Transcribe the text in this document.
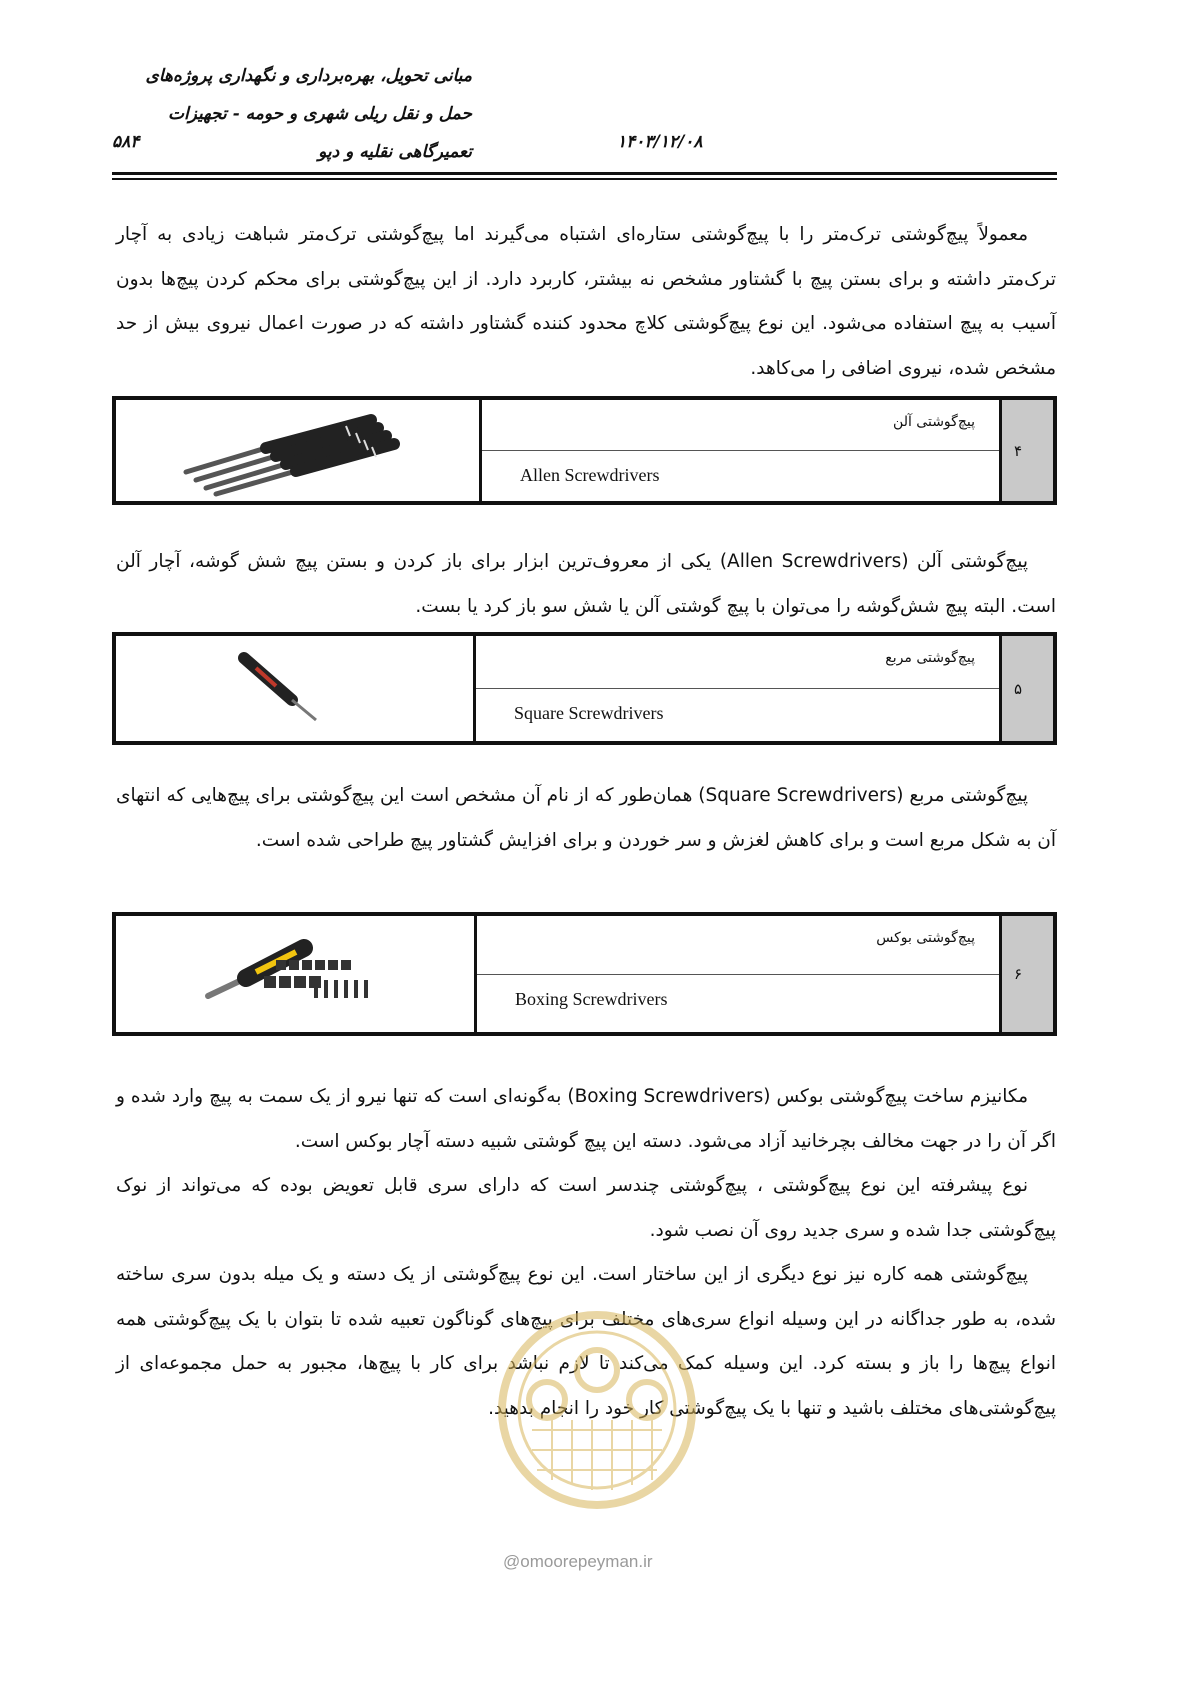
مبانی تحویل، بهره‌برداری و نگهداری پروژه‌های
حمل و نقل ریلی شهری و حومه - تجهیزات
تعمیرگاهی نقلیه و دپو	۱۴۰۳/۱۲/۰۸
۵۸۴

معمولاً پیچ‌گوشتی ترک‌متر را با پیچ‌گوشتی ستاره‌ای اشتباه می‌گیرند اما پیچ‌گوشتی ترک‌متر شباهت زیادی به آچار ترک‌متر داشته و برای بستن پیچ با گشتاور مشخص نه بیشتر، کاربرد دارد. از این پیچ‌گوشتی برای محکم کردن پیچ‌ها بدون آسیب به پیچ استفاده می‌شود. این نوع پیچ‌گوشتی کلاچ محدود کننده گشتاور داشته که در صورت اعمال نیروی بیش از حد مشخص شده، نیروی اضافی را می‌کاهد.

پیچ‌گوشتی آلن
Allen Screwdrivers
۴

پیچ‌گوشتی آلن (Allen Screwdrivers) یکی از معروف‌ترین ابزار برای باز کردن و بستن پیچ شش گوشه، آچار آلن است. البته پیچ شش‌گوشه را می‌توان با پیچ گوشتی آلن یا شش سو باز کرد یا بست.

پیچ‌گوشتی مربع
Square Screwdrivers
۵

پیچ‌گوشتی مربع (Square Screwdrivers) همان‌طور که از نام آن مشخص است این پیچ‌گوشتی برای پیچ‌هایی که انتهای آن به شکل مربع است و برای کاهش لغزش و سر خوردن و برای افزایش گشتاور پیچ طراحی شده است.

پیچ‌گوشتی بوکس
Boxing Screwdrivers
۶

مکانیزم ساخت پیچ‌گوشتی بوکس (Boxing Screwdrivers) به‌گونه‌ای است که تنها نیرو از یک سمت به پیچ وارد شده و اگر آن را در جهت مخالف بچرخانید آزاد می‌شود. دسته این پیچ گوشتی شبیه دسته آچار بوکس است.

نوع پیشرفته این نوع پیچ‌گوشتی ، پیچ‌گوشتی چندسر است که دارای سری قابل تعویض بوده که می‌تواند از نوک پیچ‌گوشتی جدا شده و سری جدید روی آن نصب شود.

پیچ‌گوشتی همه کاره نیز نوع دیگری از این ساختار است. این نوع پیچ‌گوشتی از یک دسته و یک میله بدون سری ساخته شده، به طور جداگانه در این وسیله انواع سری‌های مختلف برای پیچ‌های گوناگون تعبیه شده تا بتوان با یک پیچ‌گوشتی همه انواع پیچ‌ها را باز و بسته کرد. این وسیله کمک می‌کند تا لازم نباشد برای کار با پیچ‌ها، مجبور به حمل مجموعه‌ای از پیچ‌گوشتی‌های مختلف باشید و تنها با یک پیچ‌گوشتی کار خود را انجام بدهید.

@omoorepeyman.ir
